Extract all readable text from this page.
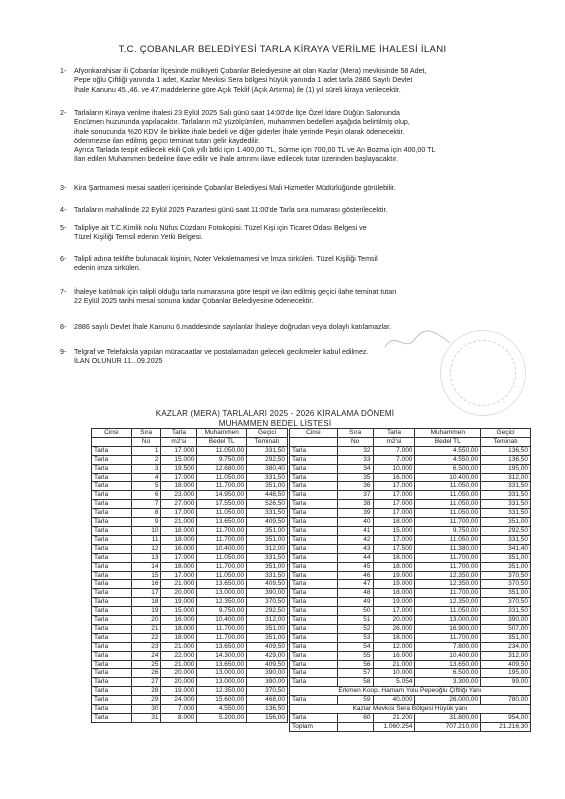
T.C. ÇOBANLAR BELEDİYESİ TARLA KİRAYA VERİLME İHALESİ İLANI
1- Afyonkarahisar ili Çobanlar İlçesinde mülkiyeti Çobanlar Belediyesine ait olan Kazlar (Mera) mevkisinde 58 Adet,
Pepe oğlu Çiftliği yanında 1 adet, Kazlar Mevkisi Sera bölgesi hüyük yanında 1 adet tarla 2886 Sayılı Devlet
İhale Kanunu 45.,46. ve 47.maddelerine göre Açık Teklif (Açık Artırma) ile (1) yıl süreli kiraya verilecektir.
2- Tarlaların Kiraya verilme ihalesi 23 Eylül 2025 Salı günü saat 14:00'de İlçe Özel İdare Düğün Salonunda
Encümen huzurunda yapılacaktır. Tarlaların m2 yüzölçümleri, muhammen bedelleri aşağıda belirtilmiş olup,
ihale sonucunda %20 KDV ile birlikte ihale bedeli ve diğer giderler İhale yerinde Peşin olarak ödenecektir.
ödenmezse ilan edilmiş geçici teminat tutarı gelir kaydedilir.
Ayrıca Tarlada tespit edilecek ekili Çok yıllı bitki için 1.400,00 TL, Sürme için 700,00 TL ve An Bozma için 400,00 TL
İlan edilen Muhammen bedeline ilave edilir ve ihale artırımı ilave edilecek tutar üzerinden başlayacaktır.
3- Kira Şartnamesi mesai saatleri içerisinde Çobanlar Belediyesi Mali Hizmetler Müdürlüğünde görülebilir.
4- Tarlaların mahallinde 22 Eylül 2025 Pazartesi günü saat 11:00'de Tarla sıra numarası gösterilecektir.
5- Talipliye ait T.C.Kimlik nolu Nüfus Cüzdanı Fotokopisi. Tüzel Kişi için Ticaret Odası Belgesi ve
Tüzel Kişiliği Temsil edenin Yetki Belgesi.
6- Talipli adına teklifte bulunacak kişinin, Noter Vekaletnamesi ve İmza sirküleri. Tüzel Kişiliği Temsil
edenin imza sirküleri.
7- İhaleye katılmak için talipli olduğu tarla numarasına göre tespit ve ilan edilmiş geçici ilahe teminat tutarı
22 Eylül 2025 tarihi mesai sonuna kadar Çobanlar Belediyesine ödenecektir.
8- 2886 sayılı Devlet İhale Kanunu 6.maddesinde sayılanlar İhaleye doğrudan veya dolaylı katılamazlar.
9- Telgraf ve Telefaksla yapılan müracaatlar ve postalamadan gelecek gecikmeler kabul edilmez.
İLAN OLUNUR 11...09.2025
KAZLAR (MERA) TARLALARI 2025 - 2026 KİRALAMA DÖNEMİ
MUHAMMEN BEDEL LİSTESİ
Cinsi	Sıra	Tarla	Muhammen	Geçici
	No	m2'si	Bedel TL	Teminatı
Tarla	1	17.000	11.050,00	331,50
Tarla	2	15.000	9.750,00	292,50
Tarla	3	19.500	12.680,00	380,40
Tarla	4	17.000	11.050,00	331,50
Tarla	5	18.000	11.700,00	351,00
Tarla	6	23.000	14.950,00	448,50
Tarla	7	27.000	17.550,00	526,50
Tarla	8	17.000	11.050,00	331,50
Tarla	9	21.000	13.650,00	409,50
Tarla	10	18.000	11.700,00	351,00
Tarla	11	18.000	11.700,00	351,00
Tarla	12	16.000	10.400,00	312,00
Tarla	13	17.000	11.050,00	331,50
Tarla	14	18.000	11.700,00	351,00
Tarla	15	17.000	11.050,00	331,50
Tarla	16	21.000	13.650,00	409,50
Tarla	17	20.000	13.000,00	390,00
Tarla	18	19.000	12.350,00	370,50
Tarla	19	15.000	9.750,00	292,50
Tarla	20	16.000	10.400,00	312,00
Tarla	21	18.000	11.700,00	351,00
Tarla	22	18.000	11.700,00	351,00
Tarla	23	21.000	13.650,00	409,50
Tarla	24	22.000	14.300,00	429,00
Tarla	25	21.000	13.650,00	409,50
Tarla	26	20.000	13.000,00	390,00
Tarla	27	20.000	13.000,00	390,00
Tarla	28	19.000	12.350,00	370,50
Tarla	29	24.000	15.600,00	468,00
Tarla	30	7.000	4.550,00	136,50
Tarla	31	8.000	5.200,00	156,00
Cinsi	Sıra	Tarla	Muhammen	Geçici
	No	m2'si	Bedel TL	Teminatı
Tarla	32	7.000	4.550,00	136,50
Tarla	33	7.000	4.550,00	136,50
Tarla	34	10.000	6.500,00	195,00
Tarla	35	16.000	10.400,00	312,00
Tarla	36	17.000	11.050,00	331,50
Tarla	37	17.000	11.050,00	331,50
Tarla	38	17.000	11.050,00	331,50
Tarla	39	17.000	11.050,00	331,50
Tarla	40	18.000	11.700,00	351,00
Tarla	41	15.000	9.750,00	292,50
Tarla	42	17.000	11.050,00	331,50
Tarla	43	17.500	11.380,00	341,40
Tarla	44	18.000	11.700,00	351,00
Tarla	45	18.000	11.700,00	351,00
Tarla	46	19.000	12.350,00	370,50
Tarla	47	19.000	12.350,00	370,50
Tarla	48	18.000	11.700,00	351,00
Tarla	49	19.000	12.350,00	370,50
Tarla	50	17.000	11.050,00	331,50
Tarla	51	20.000	13.000,00	390,00
Tarla	52	26.000	16.900,00	507,00
Tarla	53	18.000	11.700,00	351,00
Tarla	54	12.000	7.800,00	234,00
Tarla	55	16.000	10.400,00	312,00
Tarla	56	21.000	13.650,00	409,50
Tarla	57	10.000	6.500,00	195,00
Tarla	58	5.054	3.300,00	99,00
Erkmen Koop. Hamam Yolu Pepeoğlu Çiftliği Yanı				
Tarla	59	40.000	26.000,00	780,00
Kazlar Mevkisi Sera Bölgesi Hüyük yanı				
Tarla	60	21.200	31.800,00	954,00
Toplam		1.060.254	707.210,00	21.216,30
